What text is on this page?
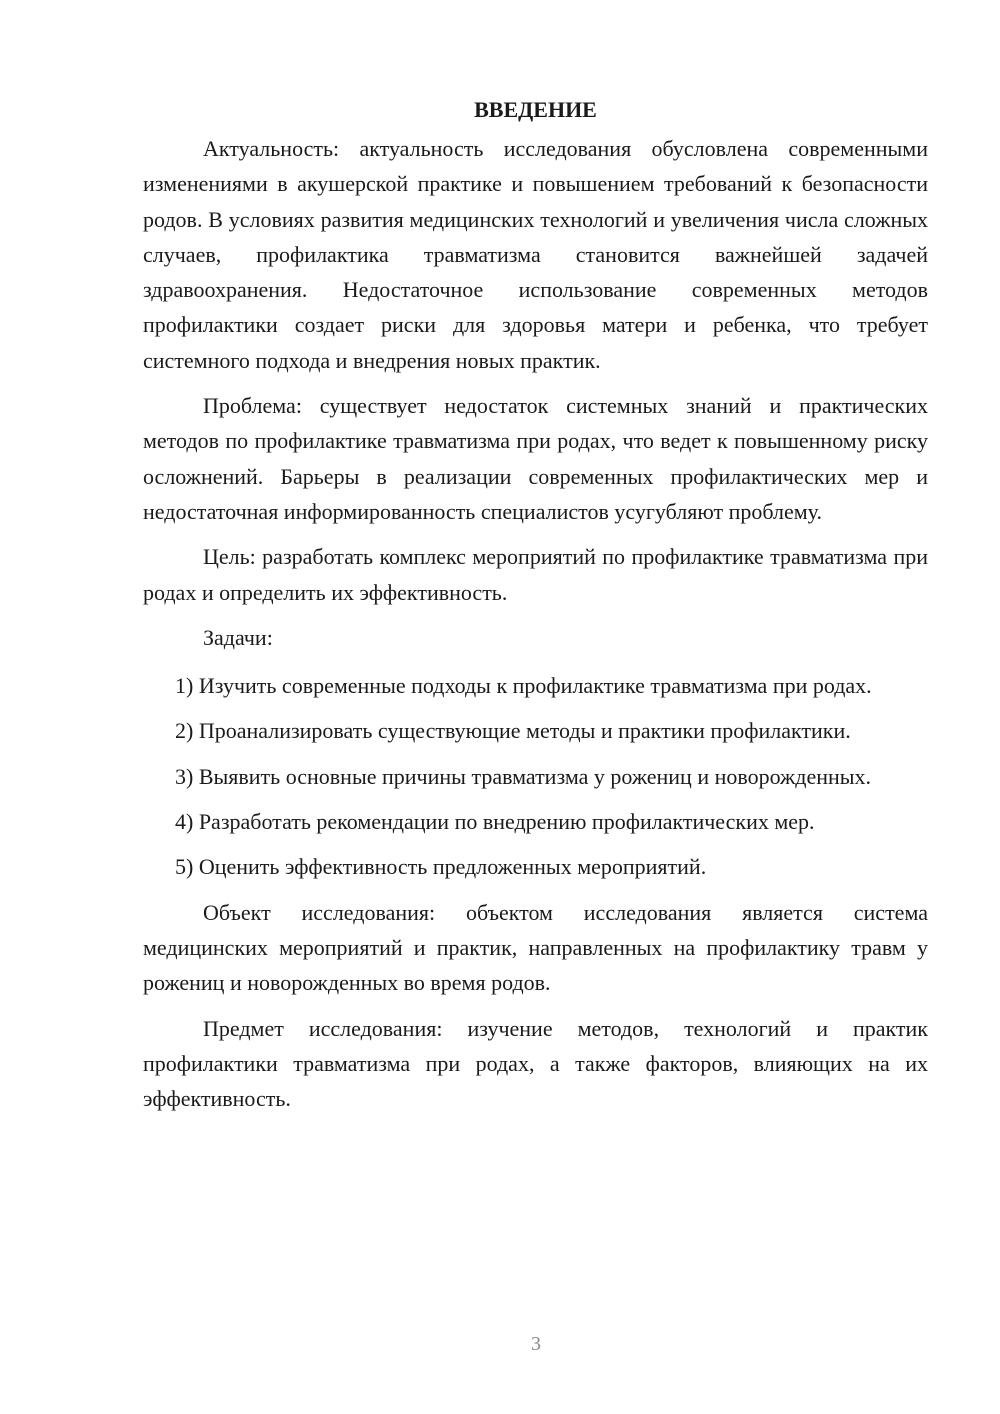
ВВЕДЕНИЕ

Актуальность: актуальность исследования обусловлена современными изменениями в акушерской практике и повышением требований к безопасности родов. В условиях развития медицинских технологий и увеличения числа сложных случаев, профилактика травматизма становится важнейшей задачей здравоохранения. Недостаточное использование современных методов профилактики создает риски для здоровья матери и ребенка, что требует системного подхода и внедрения новых практик.

Проблема: существует недостаток системных знаний и практических методов по профилактике травматизма при родах, что ведет к повышенному риску осложнений. Барьеры в реализации современных профилактических мер и недостаточная информированность специалистов усугубляют проблему.

Цель: разработать комплекс мероприятий по профилактике травматизма при родах и определить их эффективность.

Задачи:

1) Изучить современные подходы к профилактике травматизма при родах.

2) Проанализировать существующие методы и практики профилактики.

3) Выявить основные причины травматизма у рожениц и новорожденных.

4) Разработать рекомендации по внедрению профилактических мер.

5) Оценить эффективность предложенных мероприятий.

Объект исследования: объектом исследования является система медицинских мероприятий и практик, направленных на профилактику травм у рожениц и новорожденных во время родов.

Предмет исследования: изучение методов, технологий и практик профилактики травматизма при родах, а также факторов, влияющих на их эффективность.

3
